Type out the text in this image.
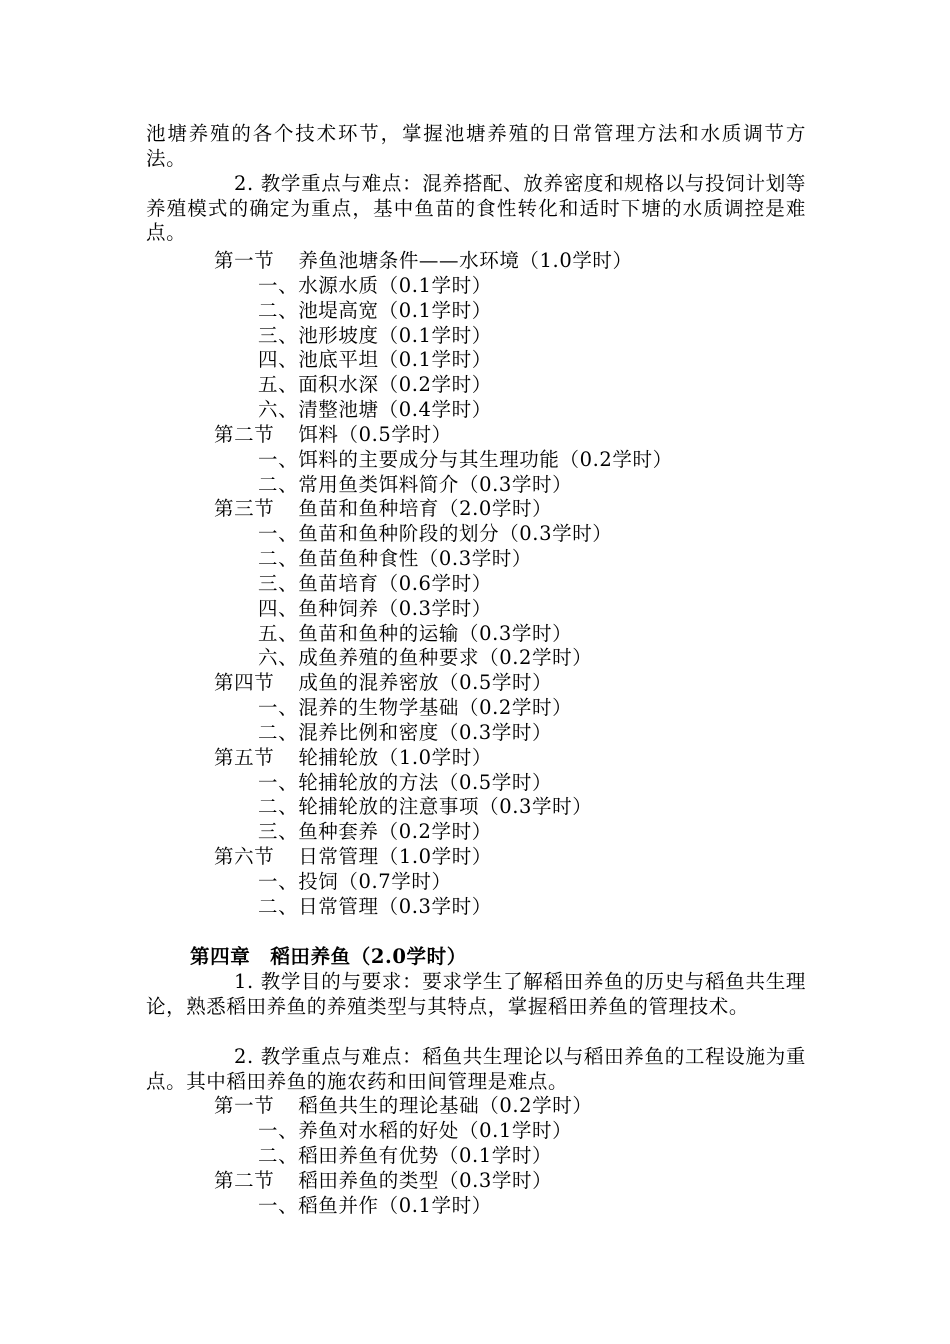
池塘养殖的各个技术环节，掌握池塘养殖的日常管理方法和水质调节方法。

2. 教学重点与难点：混养搭配、放养密度和规格以与投饲计划等养殖模式的确定为重点，基中鱼苗的食性转化和适时下塘的水质调控是难点。

第一节 养鱼池塘条件——水环境（1.0学时）
一、水源水质（0.1学时）
二、池堤高宽（0.1学时）
三、池形坡度（0.1学时）
四、池底平坦（0.1学时）
五、面积水深（0.2学时）
六、清整池塘（0.4学时）
第二节 饵料（0.5学时）
一、饵料的主要成分与其生理功能（0.2学时）
二、常用鱼类饵料简介（0.3学时）
第三节 鱼苗和鱼种培育（2.0学时）
一、鱼苗和鱼种阶段的划分（0.3学时）
二、鱼苗鱼种食性（0.3学时）
三、鱼苗培育（0.6学时）
四、鱼种饲养（0.3学时）
五、鱼苗和鱼种的运输（0.3学时）
六、成鱼养殖的鱼种要求（0.2学时）
第四节 成鱼的混养密放（0.5学时）
一、混养的生物学基础（0.2学时）
二、混养比例和密度（0.3学时）
第五节 轮捕轮放（1.0学时）
一、轮捕轮放的方法（0.5学时）
二、轮捕轮放的注意事项（0.3学时）
三、鱼种套养（0.2学时）
第六节 日常管理（1.0学时）
一、投饲（0.7学时）
二、日常管理（0.3学时）
第四章 稻田养鱼（2.0学时）

1. 教学目的与要求：要求学生了解稻田养鱼的历史与稻鱼共生理论，熟悉稻田养鱼的养殖类型与其特点，掌握稻田养鱼的管理技术。

2. 教学重点与难点：稻鱼共生理论以与稻田养鱼的工程设施为重点。其中稻田养鱼的施农药和田间管理是难点。

第一节 稻鱼共生的理论基础（0.2学时）
一、养鱼对水稻的好处（0.1学时）
二、稻田养鱼有优势（0.1学时）
第二节 稻田养鱼的类型（0.3学时）
一、稻鱼并作（0.1学时）
